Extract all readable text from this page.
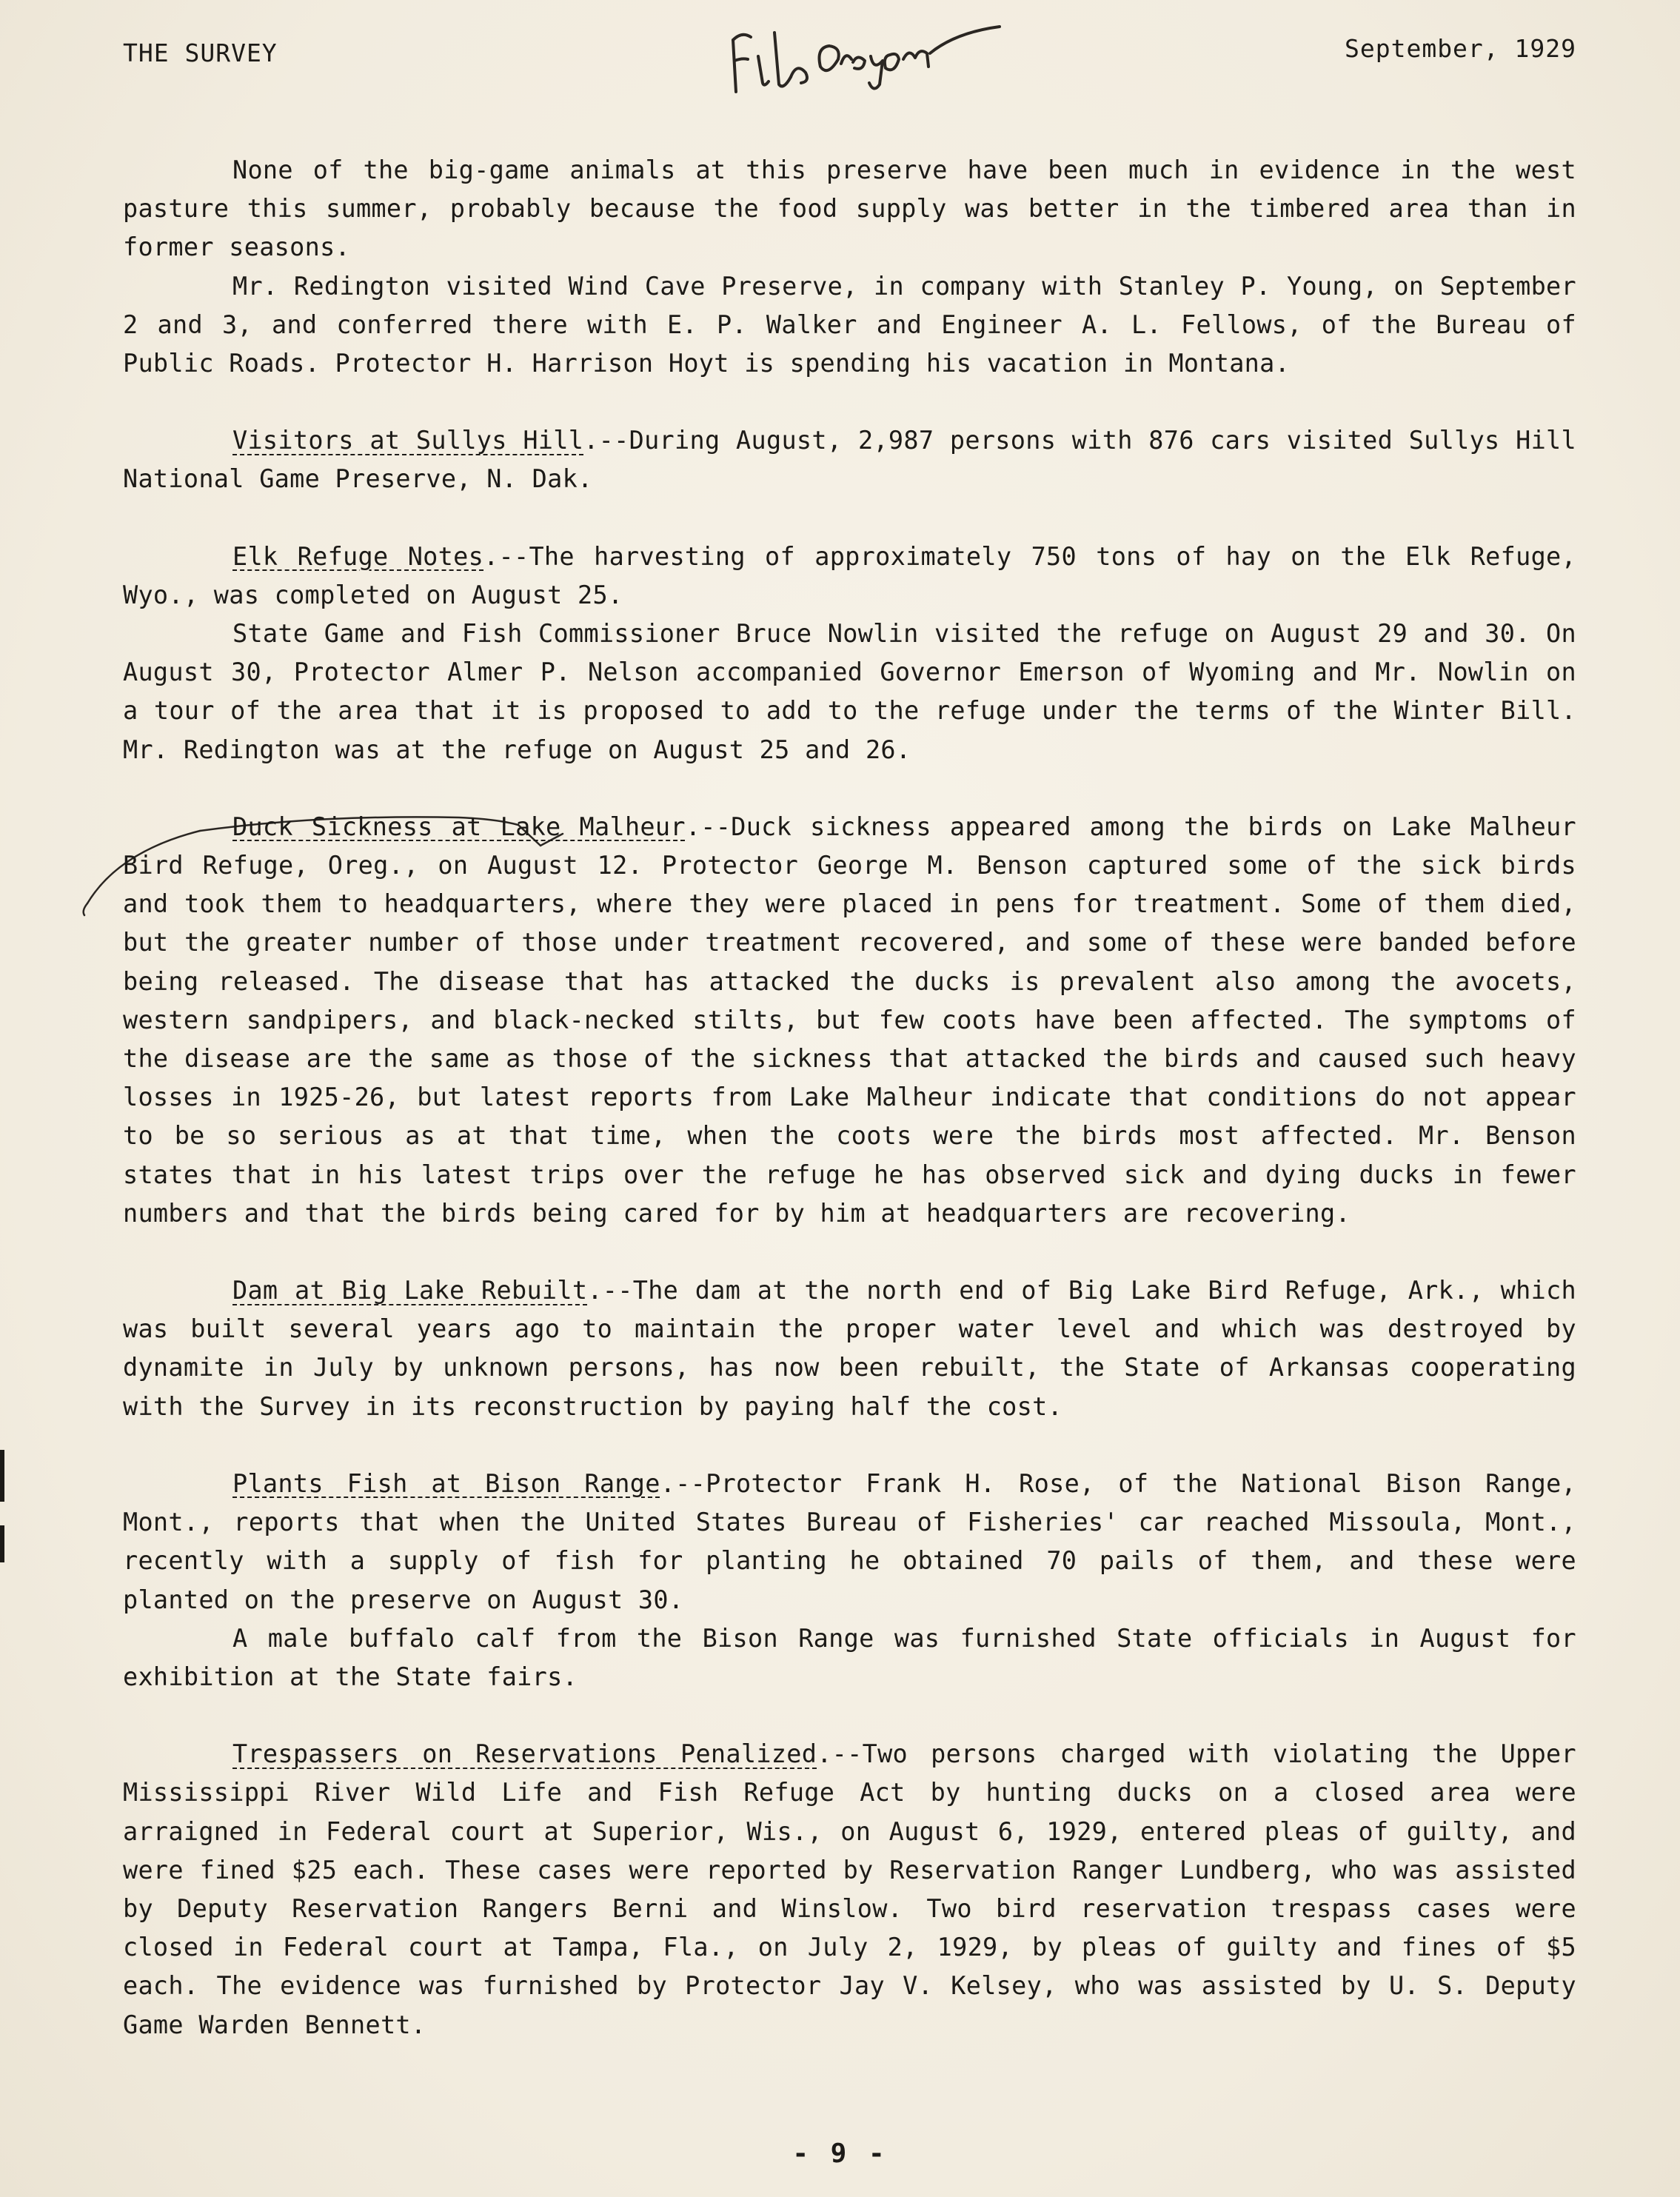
THE SURVEY	September, 1929

None of the big-game animals at this preserve have been much in evidence in the west pasture this summer, probably because the food supply was better in the timbered area than in former seasons.

Mr. Redington visited Wind Cave Preserve, in company with Stanley P. Young, on September 2 and 3, and conferred there with E. P. Walker and Engineer A. L. Fellows, of the Bureau of Public Roads. Protector H. Harrison Hoyt is spending his vacation in Montana.

Visitors at Sullys Hill.--During August, 2,987 persons with 876 cars visited Sullys Hill National Game Preserve, N. Dak.

Elk Refuge Notes.--The harvesting of approximately 750 tons of hay on the Elk Refuge, Wyo., was completed on August 25.

State Game and Fish Commissioner Bruce Nowlin visited the refuge on August 29 and 30. On August 30, Protector Almer P. Nelson accompanied Governor Emerson of Wyoming and Mr. Nowlin on a tour of the area that it is proposed to add to the refuge under the terms of the Winter Bill. Mr. Redington was at the refuge on August 25 and 26.

Duck Sickness at Lake Malheur.--Duck sickness appeared among the birds on Lake Malheur Bird Refuge, Oreg., on August 12. Protector George M. Benson captured some of the sick birds and took them to headquarters, where they were placed in pens for treatment. Some of them died, but the greater number of those under treatment recovered, and some of these were banded before being released. The disease that has attacked the ducks is prevalent also among the avocets, western sandpipers, and black-necked stilts, but few coots have been affected. The symptoms of the disease are the same as those of the sickness that attacked the birds and caused such heavy losses in 1925-26, but latest reports from Lake Malheur indicate that conditions do not appear to be so serious as at that time, when the coots were the birds most affected. Mr. Benson states that in his latest trips over the refuge he has observed sick and dying ducks in fewer numbers and that the birds being cared for by him at headquarters are recovering.

Dam at Big Lake Rebuilt.--The dam at the north end of Big Lake Bird Refuge, Ark., which was built several years ago to maintain the proper water level and which was destroyed by dynamite in July by unknown persons, has now been rebuilt, the State of Arkansas cooperating with the Survey in its reconstruction by paying half the cost.

Plants Fish at Bison Range.--Protector Frank H. Rose, of the National Bison Range, Mont., reports that when the United States Bureau of Fisheries' car reached Missoula, Mont., recently with a supply of fish for planting he obtained 70 pails of them, and these were planted on the preserve on August 30.

A male buffalo calf from the Bison Range was furnished State officials in August for exhibition at the State fairs.

Trespassers on Reservations Penalized.--Two persons charged with violating the Upper Mississippi River Wild Life and Fish Refuge Act by hunting ducks on a closed area were arraigned in Federal court at Superior, Wis., on August 6, 1929, entered pleas of guilty, and were fined $25 each. These cases were reported by Reservation Ranger Lundberg, who was assisted by Deputy Reservation Rangers Berni and Winslow. Two bird reservation trespass cases were closed in Federal court at Tampa, Fla., on July 2, 1929, by pleas of guilty and fines of $5 each. The evidence was furnished by Protector Jay V. Kelsey, who was assisted by U. S. Deputy Game Warden Bennett.

- 9 -
